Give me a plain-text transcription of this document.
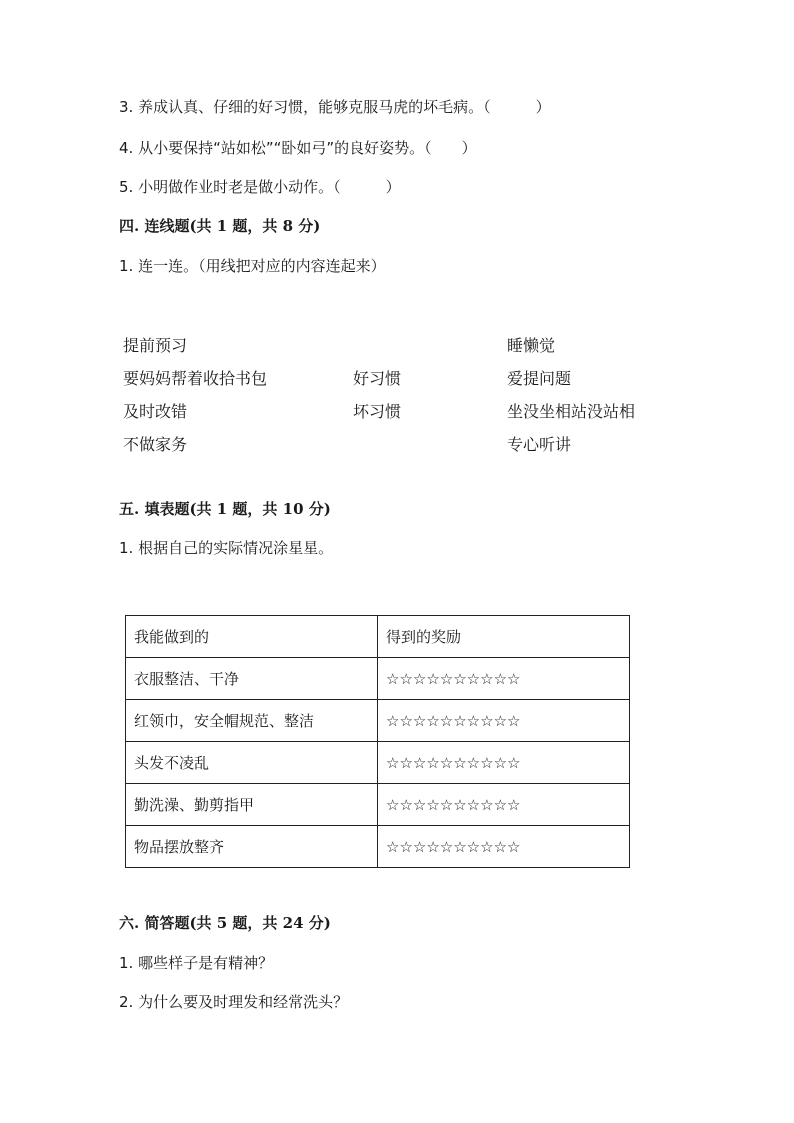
3. 养成认真、仔细的好习惯，能够克服马虎的坏毛病。（　　　）
4. 从小要保持“站如松”“卧如弓”的良好姿势。（　　）
5. 小明做作业时老是做小动作。（　　　）
四. 连线题(共 1 题，共 8 分)
1. 连一连。（用线把对应的内容连起来）
提前预习
要妈妈帮着收拾书包
及时改错
不做家务
好习惯
坏习惯
睡懒觉
爱提问题
坐没坐相站没站相
专心听讲
五. 填表题(共 1 题，共 10 分)
1. 根据自己的实际情况涂星星。
我能做到的	得到的奖励
衣服整洁、干净	☆☆☆☆☆☆☆☆☆☆
红领巾，安全帽规范、整洁	☆☆☆☆☆☆☆☆☆☆
头发不凌乱	☆☆☆☆☆☆☆☆☆☆
勤洗澡、勤剪指甲	☆☆☆☆☆☆☆☆☆☆
物品摆放整齐	☆☆☆☆☆☆☆☆☆☆
六. 简答题(共 5 题，共 24 分)
1. 哪些样子是有精神？
2. 为什么要及时理发和经常洗头？
